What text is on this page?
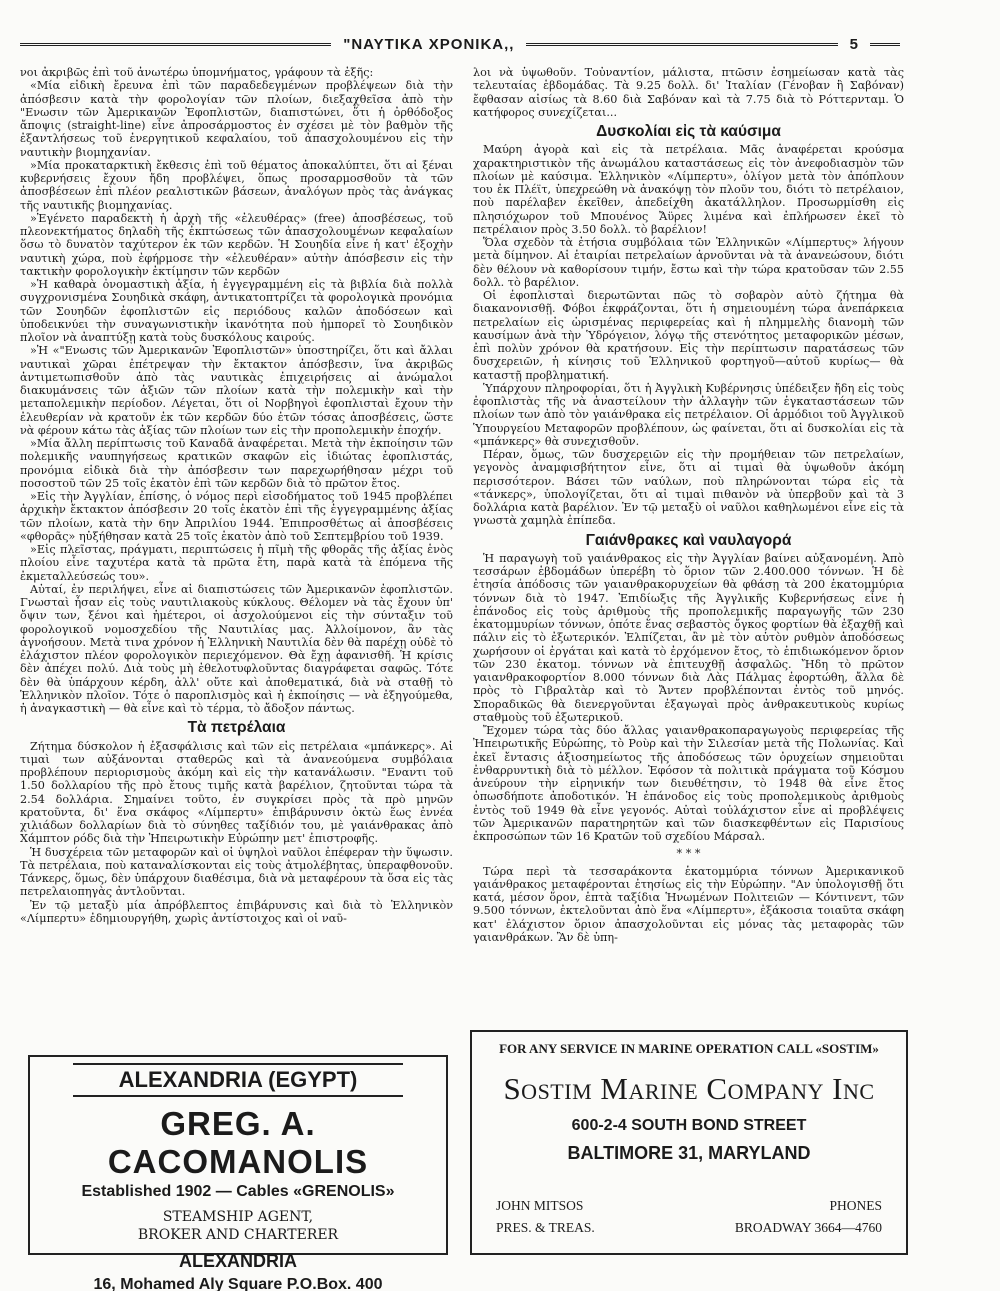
"ΝΑΥΤΙΚΑ ΧΡΟΝΙΚΑ,,	5

νοι ἀκριβῶς ἐπὶ τοῦ ἀνωτέρω ὑπομνήματος, γράφουν τὰ ἑξῆς:

«Μία εἰδικὴ ἔρευνα ἐπὶ τῶν παραδεδεγμένων προβλέψεων διὰ τὴν ἀπόσβεσιν κατὰ τὴν φορολογίαν τῶν πλοίων, διεξαχθεῖσα ἀπὸ τὴν "Ενωσιν τῶν Ἀμερικανῶν Ἐφοπλιστῶν, διαπιστώνει, ὅτι ἡ ὀρθόδοξος ἄποψις (straight-line) εἶνε ἀπροσάρμοστος ἐν σχέσει μὲ τὸν βαθμὸν τῆς ἐξαντλήσεως τοῦ ἐνεργητικοῦ κεφαλαίου, τοῦ ἀπασχολουμένου εἰς τὴν ναυτικὴν βιομηχανίαν.

»Μία προκαταρκτικὴ ἔκθεσις ἐπὶ τοῦ θέματος ἀποκαλύπτει, ὅτι αἱ ξέναι κυβερνήσεις ἔχουν ἤδη προβλέψει, ὅπως προσαρμοσθοῦν τὰ τῶν ἀποσβέσεων ἐπὶ πλέον ρεαλιστικῶν βάσεων, ἀναλόγων πρὸς τὰς ἀνάγκας τῆς ναυτικῆς βιομηχανίας.

»Ἐγένετο παραδεκτὴ ἡ ἀρχὴ τῆς «ἐλευθέρας» (free) ἀποσβέσεως, τοῦ πλεονεκτήματος δηλαδὴ τῆς ἐκπτώσεως τῶν ἀπασχολουμένων κεφαλαίων ὅσω τὸ δυνατὸν ταχύτερον ἐκ τῶν κερδῶν. Ἡ Σουηδία εἶνε ἡ κατ' ἐξοχὴν ναυτικὴ χώρα, ποὺ ἐφήρμοσε τὴν «ἐλευθέραν» αὐτὴν ἀπόσβεσιν εἰς τὴν τακτικὴν φορολογικὴν ἐκτίμησιν τῶν κερδῶν

»Ἡ καθαρὰ ὀνομαστικὴ ἀξία, ἡ ἐγγεγραμμένη εἰς τὰ βιβλία διὰ πολλὰ συγχρονισμένα Σουηδικὰ σκάφη, ἀντικατοπτρίζει τὰ φορολογικὰ προνόμια τῶν Σουηδῶν ἐφοπλιστῶν εἰς περιόδους καλῶν ἀποδόσεων καὶ ὑποδεικνύει τὴν συναγωνιστικὴν ἱκανότητα ποὺ ἠμπορεῖ τὸ Σουηδικὸν πλοῖον νὰ ἀναπτύξῃ κατὰ τοὺς δυσκόλους καιρούς.

»Ἡ «"Ενωσις τῶν Ἀμερικανῶν Ἐφοπλιστῶν» ὑποστηρίζει, ὅτι καὶ ἄλλαι ναυτικαὶ χῶραι ἐπέτρεψαν τὴν ἔκτακτον ἀπόσβεσιν, ἵνα ἀκριβῶς ἀντιμετωπισθοῦν ἀπὸ τὰς ναυτικὰς ἐπιχειρήσεις αἱ ἀνώμαλοι διακυμάνσεις τῶν ἀξιῶν τῶν πλοίων κατὰ τὴν πολεμικὴν καὶ τὴν μεταπολεμικὴν περίοδον. Λέγεται, ὅτι οἱ Νορβηγοὶ ἐφοπλισταὶ ἔχουν τὴν ἐλευθερίαν νὰ κρατοῦν ἐκ τῶν κερδῶν δύο ἐτῶν τόσας ἀποσβέσεις, ὥστε νὰ φέρουν κάτω τὰς ἀξίας τῶν πλοίων των εἰς τὴν προπολεμικὴν ἐποχήν.

»Μία ἄλλη περίπτωσις τοῦ Καναδᾶ ἀναφέρεται. Μετὰ τὴν ἐκποίησιν τῶν πολεμικῆς ναυπηγήσεως κρατικῶν σκαφῶν εἰς ἰδιώτας ἐφοπλιστάς, προνόμια εἰδικὰ διὰ τὴν ἀπόσβεσιν των παρεχωρήθησαν μέχρι τοῦ ποσοστοῦ τῶν 25 τοῖς ἑκατὸν ἐπὶ τῶν κερδῶν διὰ τὸ πρῶτον ἔτος.

»Εἰς τὴν Ἀγγλίαν, ἐπίσης, ὁ νόμος περὶ εἰσοδήματος τοῦ 1945 προβλέπει ἀρχικὴν ἔκτακτον ἀπόσβεσιν 20 τοῖς ἑκατὸν ἐπὶ τῆς ἐγγεγραμμένης ἀξίας τῶν πλοίων, κατὰ τὴν 6ην Ἀπριλίου 1944. Ἐπιπροσθέτως αἱ ἀποσβέσεις «φθορᾶς» ηὐξήθησαν κατὰ 25 τοῖς ἑκατὸν ἀπὸ τοῦ Σεπτεμβρίου τοῦ 1939.

»Εἰς πλεῖστας, πράγματι, περιπτώσεις ἡ πῖμὴ τῆς φθορᾶς τῆς ἀξίας ἑνὸς πλοίου εἶνε ταχυτέρα κατὰ τὰ πρῶτα ἔτη, παρὰ κατὰ τὰ ἑπόμενα τῆς ἐκμεταλλεύσεώς του».

Αὐταί, ἐν περιλήψει, εἶνε αἱ διαπιστώσεις τῶν Ἀμερικανῶν ἐφοπλιστῶν. Γνωσταὶ ἦσαν εἰς τοὺς ναυτιλιακοὺς κύκλους. Θέλομεν νὰ τὰς ἔχουν ὑπ' ὄψιν των, ξένοι καὶ ἡμέτεροι, οἱ ἀσχολούμενοι εἰς τὴν σύνταξιν τοῦ φορολογικοῦ νομοσχεδίου τῆς Ναυτιλίας μας. Ἀλλοίμονον, ἂν τὰς ἀγνοήσουν. Μετὰ τινα χρόνον ἡ Ἑλληνικὴ Ναυτιλία δὲν θὰ παρέχῃ οὐδὲ τὸ ἐλάχιστον πλέον φορολογικὸν περιεχόμενον. Θὰ ἔχῃ ἀφανισθῆ. Ἡ κρίσις δὲν ἀπέχει πολύ. Διὰ τοὺς μὴ ἐθελοτυφλοῦντας διαγράφεται σαφῶς. Τότε δὲν θὰ ὑπάρχουν κέρδη, ἀλλ' οὔτε καὶ ἀποθεματικά, διὰ νὰ σταθῇ τὸ Ἑλληνικὸν πλοῖον. Τότε ὁ παροπλισμὸς καὶ ἡ ἐκποίησις — νὰ ἐξηγούμεθα, ἡ ἀναγκαστικὴ — θὰ εἶνε καὶ τὸ τέρμα, τὸ ἄδοξον πάντως.

Τὰ πετρέλαια

Ζήτημα δύσκολον ἡ ἐξασφάλισις καὶ τῶν εἰς πετρέλαια «μπάνκερς». Αἱ τιμαὶ των αὐξάνονται σταθερῶς καὶ τὰ ἀνανεούμενα συμβόλαια προβλέπουν περιορισμοὺς ἀκόμη καὶ εἰς τὴν κατανάλωσιν. "Εναντι τοῦ 1.50 δολλαρίου τῆς πρὸ ἔτους τιμῆς κατὰ βαρέλιον, ζητοῦνται τώρα τὰ 2.54 δολλάρια. Σημαίνει τοῦτο, ἐν συγκρίσει πρὸς τὰ πρὸ μηνῶν κρατοῦντα, δι' ἕνα σκάφος «Λίμπερτυ» ἐπιβάρυνσιν ὀκτὼ ἕως ἐννέα χιλιάδων δολλαρίων διὰ τὸ σύνηθες ταξίδιόν του, μὲ γαιάνθρακας ἀπὸ Χάμπτον ρόδς διὰ τὴν Ἠπειρωτικὴν Εὐρώπην μετ' ἐπιστροφῆς.

Ἡ δυσχέρεια τῶν μεταφορῶν καὶ οἱ ὑψηλοὶ ναῦλοι ἐπέφεραν τὴν ὕψωσιν. Τὰ πετρέλαια, ποὺ καταναλίσκονται εἰς τοὺς ἀτμολέβητας, ὑπεραφθονοῦν. Τάνκερς, ὅμως, δὲν ὑπάρχουν διαθέσιμα, διὰ νὰ μεταφέρουν τὰ ὅσα εἰς τὰς πετρελαιοπηγὰς ἀντλοῦνται.

Ἐν τῷ μεταξὺ μία ἀπρόβλεπτος ἐπιβάρυνσις καὶ διὰ τὸ Ἑλληνικὸν «Λίμπερτυ» ἐδημιουργήθη, χωρὶς ἀντίστοιχος καὶ οἱ ναῦ-

λοι νὰ ὑψωθοῦν. Τοὐναντίον, μάλιστα, πτῶσιν ἐσημείωσαν κατὰ τὰς τελευταίας ἑβδομάδας. Τὰ 9.25 δολλ. δι' Ἰταλίαν (Γένοβαν ἢ Σαβόναν) ἔφθασαν αἰσίως τὰ 8.60 διὰ Σαβόναν καὶ τὰ 7.75 διὰ τὸ Ρόττερνταμ. Ὁ κατήφορος συνεχίζεται...

Δυσκολίαι εἰς τὰ καύσιμα

Μαύρη ἀγορὰ καὶ εἰς τὰ πετρέλαια. Μᾶς ἀναφέρεται κρούσμα χαρακτηριστικὸν τῆς ἀνωμάλου καταστάσεως εἰς τὸν ἀνεφοδιασμὸν τῶν πλοίων μὲ καύσιμα. Ἑλληνικὸν «Λίμπερτυ», ὀλίγον μετὰ τὸν ἀπόπλουν του ἐκ Πλέϊτ, ὑπεχρεώθη νὰ ἀνακόψῃ τὸν πλοῦν του, διότι τὸ πετρέλαιον, ποὺ παρέλαβεν ἐκεῖθεν, ἀπεδείχθη ἀκατάλληλον. Προσωρμίσθη εἰς πλησιόχωρον τοῦ Μπουένος Ἄϋρες λιμένα καὶ ἐπλήρωσεν ἐκεῖ τὸ πετρέλαιον πρὸς 3.50 δολλ. τὸ βαρέλιον!

Ὅλα σχεδὸν τὰ ἐτήσια συμβόλαια τῶν Ἑλληνικῶν «Λίμπερτυς» λήγουν μετὰ δίμηνον. Αἱ ἑταιρίαι πετρελαίων ἀρνοῦνται νὰ τὰ ἀνανεώσουν, διότι δὲν θέλουν νὰ καθορίσουν τιμήν, ἔστω καὶ τὴν τώρα κρατοῦσαν τῶν 2.55 δολλ. τὸ βαρέλιον.

Οἱ ἐφοπλισταὶ διερωτῶνται πῶς τὸ σοβαρὸν αὐτὸ ζήτημα θὰ διακανονισθῇ. Φόβοι ἐκφράζονται, ὅτι ἡ σημειουμένη τώρα ἀνεπάρκεια πετρελαίων εἰς ὡρισμένας περιφερείας καὶ ἡ πλημμελὴς διανομὴ τῶν καυσίμων ἀνὰ τὴν Ὑδρόγειον, λόγῳ τῆς στενότητος μεταφορικῶν μέσων, ἐπὶ πολὺν χρόνον θὰ κρατήσουν. Εἰς τὴν περίπτωσιν παρατάσεως τῶν δυσχερειῶν, ἡ κίνησις τοῦ Ἑλληνικοῦ φορτηγοῦ—αὐτοῦ κυρίως— θὰ καταστῇ προβληματική.

Ὑπάρχουν πληροφορίαι, ὅτι ἡ Ἀγγλικὴ Κυβέρνησις ὑπέδειξεν ἤδη εἰς τοὺς ἐφοπλιστὰς τῆς νὰ ἀναστείλουν τὴν ἀλλαγὴν τῶν ἐγκαταστάσεων τῶν πλοίων των ἀπὸ τὸν γαιάνθρακα εἰς πετρέλαιον. Οἱ ἁρμόδιοι τοῦ Ἀγγλικοῦ Ὑπουργείου Μεταφορῶν προβλέπουν, ὡς φαίνεται, ὅτι αἱ δυσκολίαι εἰς τὰ «μπάνκερς» θὰ συνεχισθοῦν.

Πέραν, ὅμως, τῶν δυσχερειῶν εἰς τὴν προμήθειαν τῶν πετρελαίων, γεγονὸς ἀναμφισβήτητον εἶνε, ὅτι αἱ τιμαὶ θὰ ὑψωθοῦν ἀκόμη περισσότερον. Βάσει τῶν ναύλων, ποὺ πληρώνονται τώρα εἰς τὰ «τάνκερς», ὑπολογίζεται, ὅτι αἱ τιμαὶ πιθανὸν νὰ ὑπερβοῦν καὶ τὰ 3 δολλάρια κατὰ βαρέλιον. Ἐν τῷ μεταξὺ οἱ ναῦλοι καθηλωμένοι εἶνε εἰς τὰ γνωστὰ χαμηλὰ ἐπίπεδα.

Γαιάνθρακες καὶ ναυλαγορά

Ἡ παραγωγὴ τοῦ γαιάνθρακος εἰς τὴν Ἀγγλίαν βαίνει αὐξανομένη. Ἀπὸ τεσσάρων ἑβδομάδων ὑπερέβη τὸ ὅριον τῶν 2.400.000 τόννων. Ἡ δὲ ἐτησία ἀπόδοσις τῶν γαιανθρακορυχείων θὰ φθάσῃ τὰ 200 ἑκατομμύρια τόννων διὰ τὸ 1947. Ἐπιδίωξις τῆς Ἀγγλικῆς Κυβερνήσεως εἶνε ἡ ἐπάνοδος εἰς τοὺς ἀριθμοὺς τῆς προπολεμικῆς παραγωγῆς τῶν 230 ἑκατομμυρίων τόννων, ὁπότε ἕνας σεβαστὸς ὄγκος φορτίων θὰ ἐξαχθῇ καὶ πάλιν εἰς τὸ ἐξωτερικόν. Ἐλπίζεται, ἂν μὲ τὸν αὐτὸν ρυθμὸν ἀποδόσεως χωρήσουν οἱ ἐργάται καὶ κατὰ τὸ ἐρχόμενον ἔτος, τὸ ἐπιδιωκόμενον ὅριον τῶν 230 ἑκατομ. τόννων νὰ ἐπιτευχθῇ ἀσφαλῶς. Ἤδη τὸ πρῶτον γαιανθρακοφορτίον 8.000 τόννων διὰ Λὰς Πάλμας ἐφορτώθη, ἄλλα δὲ πρὸς τὸ Γιβραλτὰρ καὶ τὸ Ἄντεν προβλέπονται ἐντὸς τοῦ μηνός. Σποραδικῶς θὰ διενεργοῦνται ἐξαγωγαὶ πρὸς ἀνθρακευτικοὺς κυρίως σταθμοὺς τοῦ ἐξωτερικοῦ.

Ἔχομεν τώρα τὰς δύο ἄλλας γαιανθρακοπαραγωγοὺς περιφερείας τῆς Ἠπειρωτικῆς Εὐρώπης, τὸ Ροὺρ καὶ τὴν Σιλεσίαν μετὰ τῆς Πολωνίας. Καὶ ἐκεῖ ἔντασις ἀξιοσημείωτος τῆς ἀποδόσεως τῶν ὀρυχείων σημειοῦται ἐνθαρρυντικὴ διὰ τὸ μέλλον. Ἐφόσον τὰ πολιτικὰ πράγματα τοῦ Κόσμου ἀνεύρουν τὴν εἰρηνικήν των διευθέτησιν, τὸ 1948 θὰ εἶνε ἔτος ὁπωσδήποτε ἀποδοτικόν. Ἡ ἐπάνοδος εἰς τοὺς προπολεμικοὺς ἀριθμοὺς ἐντὸς τοῦ 1949 θὰ εἶνε γεγονός. Αὐταὶ τοὐλάχιστον εἶνε αἱ προβλέψεις τῶν Ἀμερικανῶν παρατηρητῶν καὶ τῶν διασκεφθέντων εἰς Παρισίους ἐκπροσώπων τῶν 16 Κρατῶν τοῦ σχεδίου Μάρσαλ.

* * *

Τώρα περὶ τὰ τεσσαράκοντα ἑκατομμύρια τόννων Ἀμερικανικοῦ γαιάνθρακος μεταφέρονται ἐτησίως εἰς τὴν Εὐρώπην. "Αν ὑπολογισθῇ ὅτι κατά, μέσον ὅρον, ἑπτὰ ταξίδια Ἡνωμένων Πολιτειῶν — Κόντινεντ, τῶν 9.500 τόννων, ἐκτελοῦνται ἀπὸ ἕνα «Λίμπερτυ», ἐξάκοσια τοιαῦτα σκάφη κατ' ἐλάχιστον ὅριον ἀπασχολοῦνται εἰς μόνας τὰς μεταφορὰς τῶν γαιανθράκων. Ἂν δὲ ὑπη-

ALEXANDRIA (EGYPT)
GREG. A. CACOMANOLIS
Established 1902 — Cables «GRENOLIS»
STEAMSHIP AGENT,
BROKER AND CHARTERER
ALEXANDRIA
16, Mohamed Aly Square P.O.Box. 400
FOR ANY SERVICE IN MARINE OPERATION CALL «SOSTIM»
Sostim Marine Company Inc
600-2-4 SOUTH BOND STREET
BALTIMORE 31, MARYLAND
JOHN MITSOS
PRES. & TREAS.
PHONES
BROADWAY 3664—4760
